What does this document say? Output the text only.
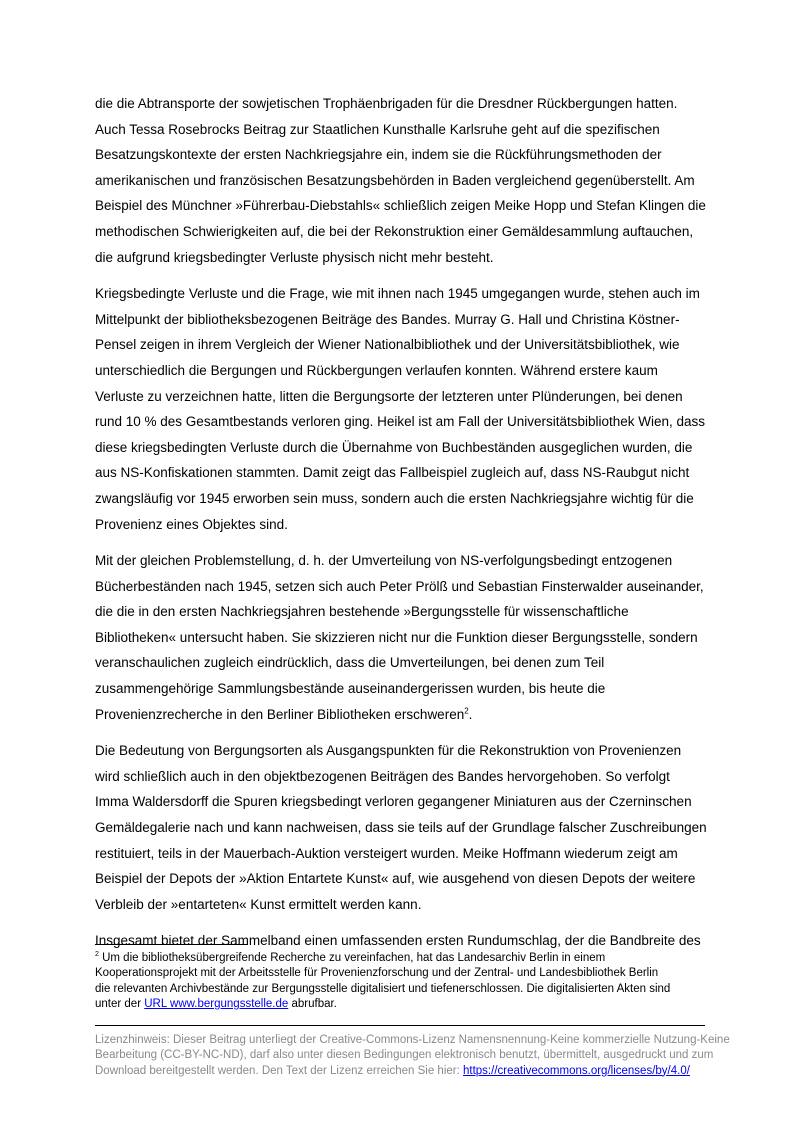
die die Abtransporte der sowjetischen Trophäenbrigaden für die Dresdner Rückbergungen hatten.
Auch Tessa Rosebrocks Beitrag zur Staatlichen Kunsthalle Karlsruhe geht auf die spezifischen
Besatzungskontexte der ersten Nachkriegsjahre ein, indem sie die Rückführungsmethoden der
amerikanischen und französischen Besatzungsbehörden in Baden vergleichend gegenüberstellt. Am
Beispiel des Münchner »Führerbau-Diebstahls« schließlich zeigen Meike Hopp und Stefan Klingen die
methodischen Schwierigkeiten auf, die bei der Rekonstruktion einer Gemäldesammlung auftauchen,
die aufgrund kriegsbedingter Verluste physisch nicht mehr besteht.

Kriegsbedingte Verluste und die Frage, wie mit ihnen nach 1945 umgegangen wurde, stehen auch im
Mittelpunkt der bibliotheksbezogenen Beiträge des Bandes. Murray G. Hall und Christina Köstner-
Pensel zeigen in ihrem Vergleich der Wiener Nationalbibliothek und der Universitätsbibliothek, wie
unterschiedlich die Bergungen und Rückbergungen verlaufen konnten. Während erstere kaum
Verluste zu verzeichnen hatte, litten die Bergungsorte der letzteren unter Plünderungen, bei denen
rund 10 % des Gesamtbestands verloren ging. Heikel ist am Fall der Universitätsbibliothek Wien, dass
diese kriegsbedingten Verluste durch die Übernahme von Buchbeständen ausgeglichen wurden, die
aus NS-Konfiskationen stammten. Damit zeigt das Fallbeispiel zugleich auf, dass NS-Raubgut nicht
zwangsläufig vor 1945 erworben sein muss, sondern auch die ersten Nachkriegsjahre wichtig für die
Provenienz eines Objektes sind.

Mit der gleichen Problemstellung, d. h. der Umverteilung von NS-verfolgungsbedingt entzogenen
Bücherbeständen nach 1945, setzen sich auch Peter Prölß und Sebastian Finsterwalder auseinander,
die die in den ersten Nachkriegsjahren bestehende »Bergungsstelle für wissenschaftliche
Bibliotheken« untersucht haben. Sie skizzieren nicht nur die Funktion dieser Bergungsstelle, sondern
veranschaulichen zugleich eindrücklich, dass die Umverteilungen, bei denen zum Teil
zusammengehörige Sammlungsbestände auseinandergerissen wurden, bis heute die
Provenienzrecherche in den Berliner Bibliotheken erschweren$^2$.

Die Bedeutung von Bergungsorten als Ausgangspunkten für die Rekonstruktion von Provenienzen
wird schließlich auch in den objektbezogenen Beiträgen des Bandes hervorgehoben. So verfolgt
Imma Waldersdorff die Spuren kriegsbedingt verloren gegangener Miniaturen aus der Czerninschen
Gemäldegalerie nach und kann nachweisen, dass sie teils auf der Grundlage falscher Zuschreibungen
restituiert, teils in der Mauerbach-Auktion versteigert wurden. Meike Hoffmann wiederum zeigt am
Beispiel der Depots der »Aktion Entartete Kunst« auf, wie ausgehend von diesen Depots der weitere
Verbleib der »entarteten« Kunst ermittelt werden kann.

Insgesamt bietet der Sammelband einen umfassenden ersten Rundumschlag, der die Bandbreite des

$^2$ Um die bibliotheksübergreifende Recherche zu vereinfachen, hat das Landesarchiv Berlin in einem
Kooperationsprojekt mit der Arbeitsstelle für Provenienzforschung und der Zentral- und Landesbibliothek Berlin
die relevanten Archivbestände zur Bergungsstelle digitalisiert und tiefenerschlossen. Die digitalisierten Akten sind
unter der URL www.bergungsstelle.de abrufbar.
Lizenzhinweis: Dieser Beitrag unterliegt der Creative-Commons-Lizenz Namensnennung-Keine kommerzielle Nutzung-Keine
Bearbeitung (CC-BY-NC-ND), darf also unter diesen Bedingungen elektronisch benutzt, übermittelt, ausgedruckt und zum
Download bereitgestellt werden. Den Text der Lizenz erreichen Sie hier: https://creativecommons.org/licenses/by/4.0/
